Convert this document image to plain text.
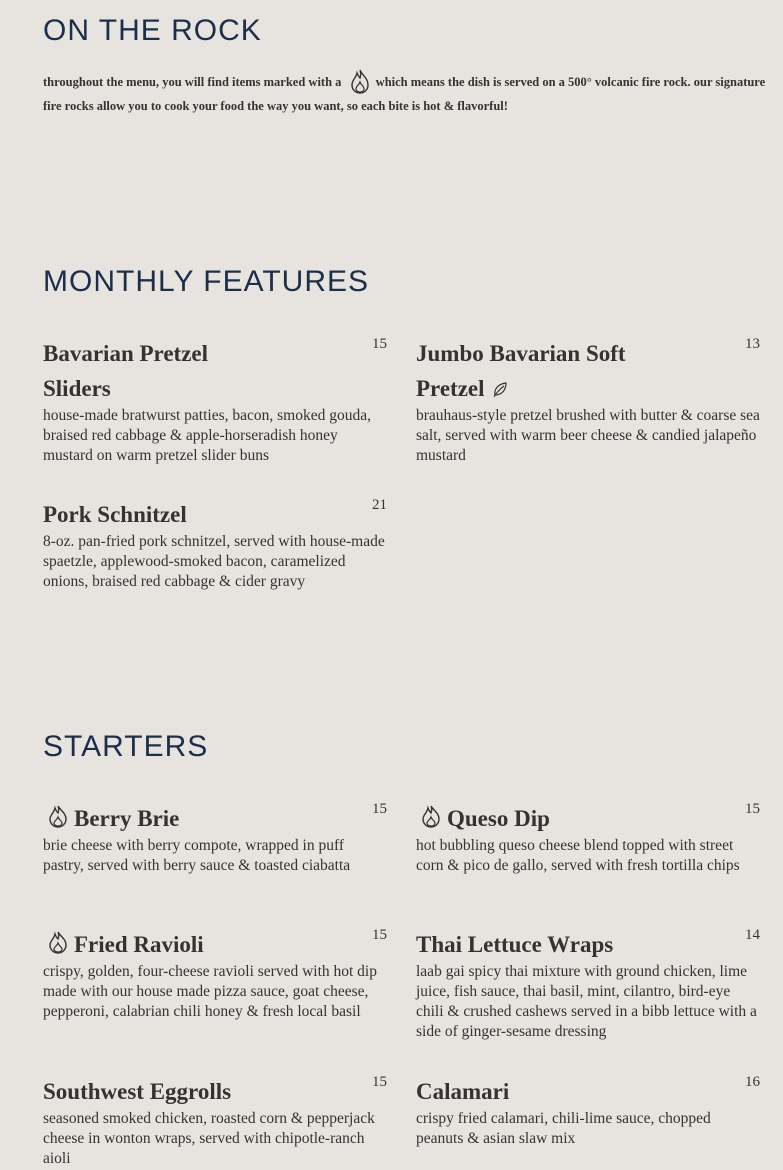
ON THE ROCK
throughout the menu, you will find items marked with a	which means the dish is served on a 500° volcanic fire rock. our signature fire rocks allow you to cook your food the way you want, so each bite is hot & flavorful!
MONTHLY FEATURES
Bavarian Pretzel Sliders
15

house-made bratwurst patties, bacon, smoked gouda, braised red cabbage & apple-horseradish honey mustard on warm pretzel slider buns

Jumbo Bavarian Soft Pretzel
13

brauhaus-style pretzel brushed with butter & coarse sea salt, served with warm beer cheese & candied jalapeño mustard

Pork Schnitzel	21

8-oz. pan-fried pork schnitzel, served with house-made spaetzle, applewood-smoked bacon, caramelized onions, braised red cabbage & cider gravy

STARTERS
Berry Brie	15

brie cheese with berry compote, wrapped in puff pastry, served with berry sauce & toasted ciabatta

Queso Dip	15

hot bubbling queso cheese blend topped with street corn & pico de gallo, served with fresh tortilla chips

Fried Ravioli	15

crispy, golden, four-cheese ravioli served with hot dip made with our house made pizza sauce, goat cheese, pepperoni, calabrian chili honey & fresh local basil

Thai Lettuce Wraps	14

laab gai spicy thai mixture with ground chicken, lime juice, fish sauce, thai basil, mint, cilantro, bird-eye chili & crushed cashews served in a bibb lettuce with a side of ginger-sesame dressing

Southwest Eggrolls	15

seasoned smoked chicken, roasted corn & pepperjack cheese in wonton wraps, served with chipotle-ranch aioli

Calamari	16

crispy fried calamari, chili-lime sauce, chopped peanuts & asian slaw mix
